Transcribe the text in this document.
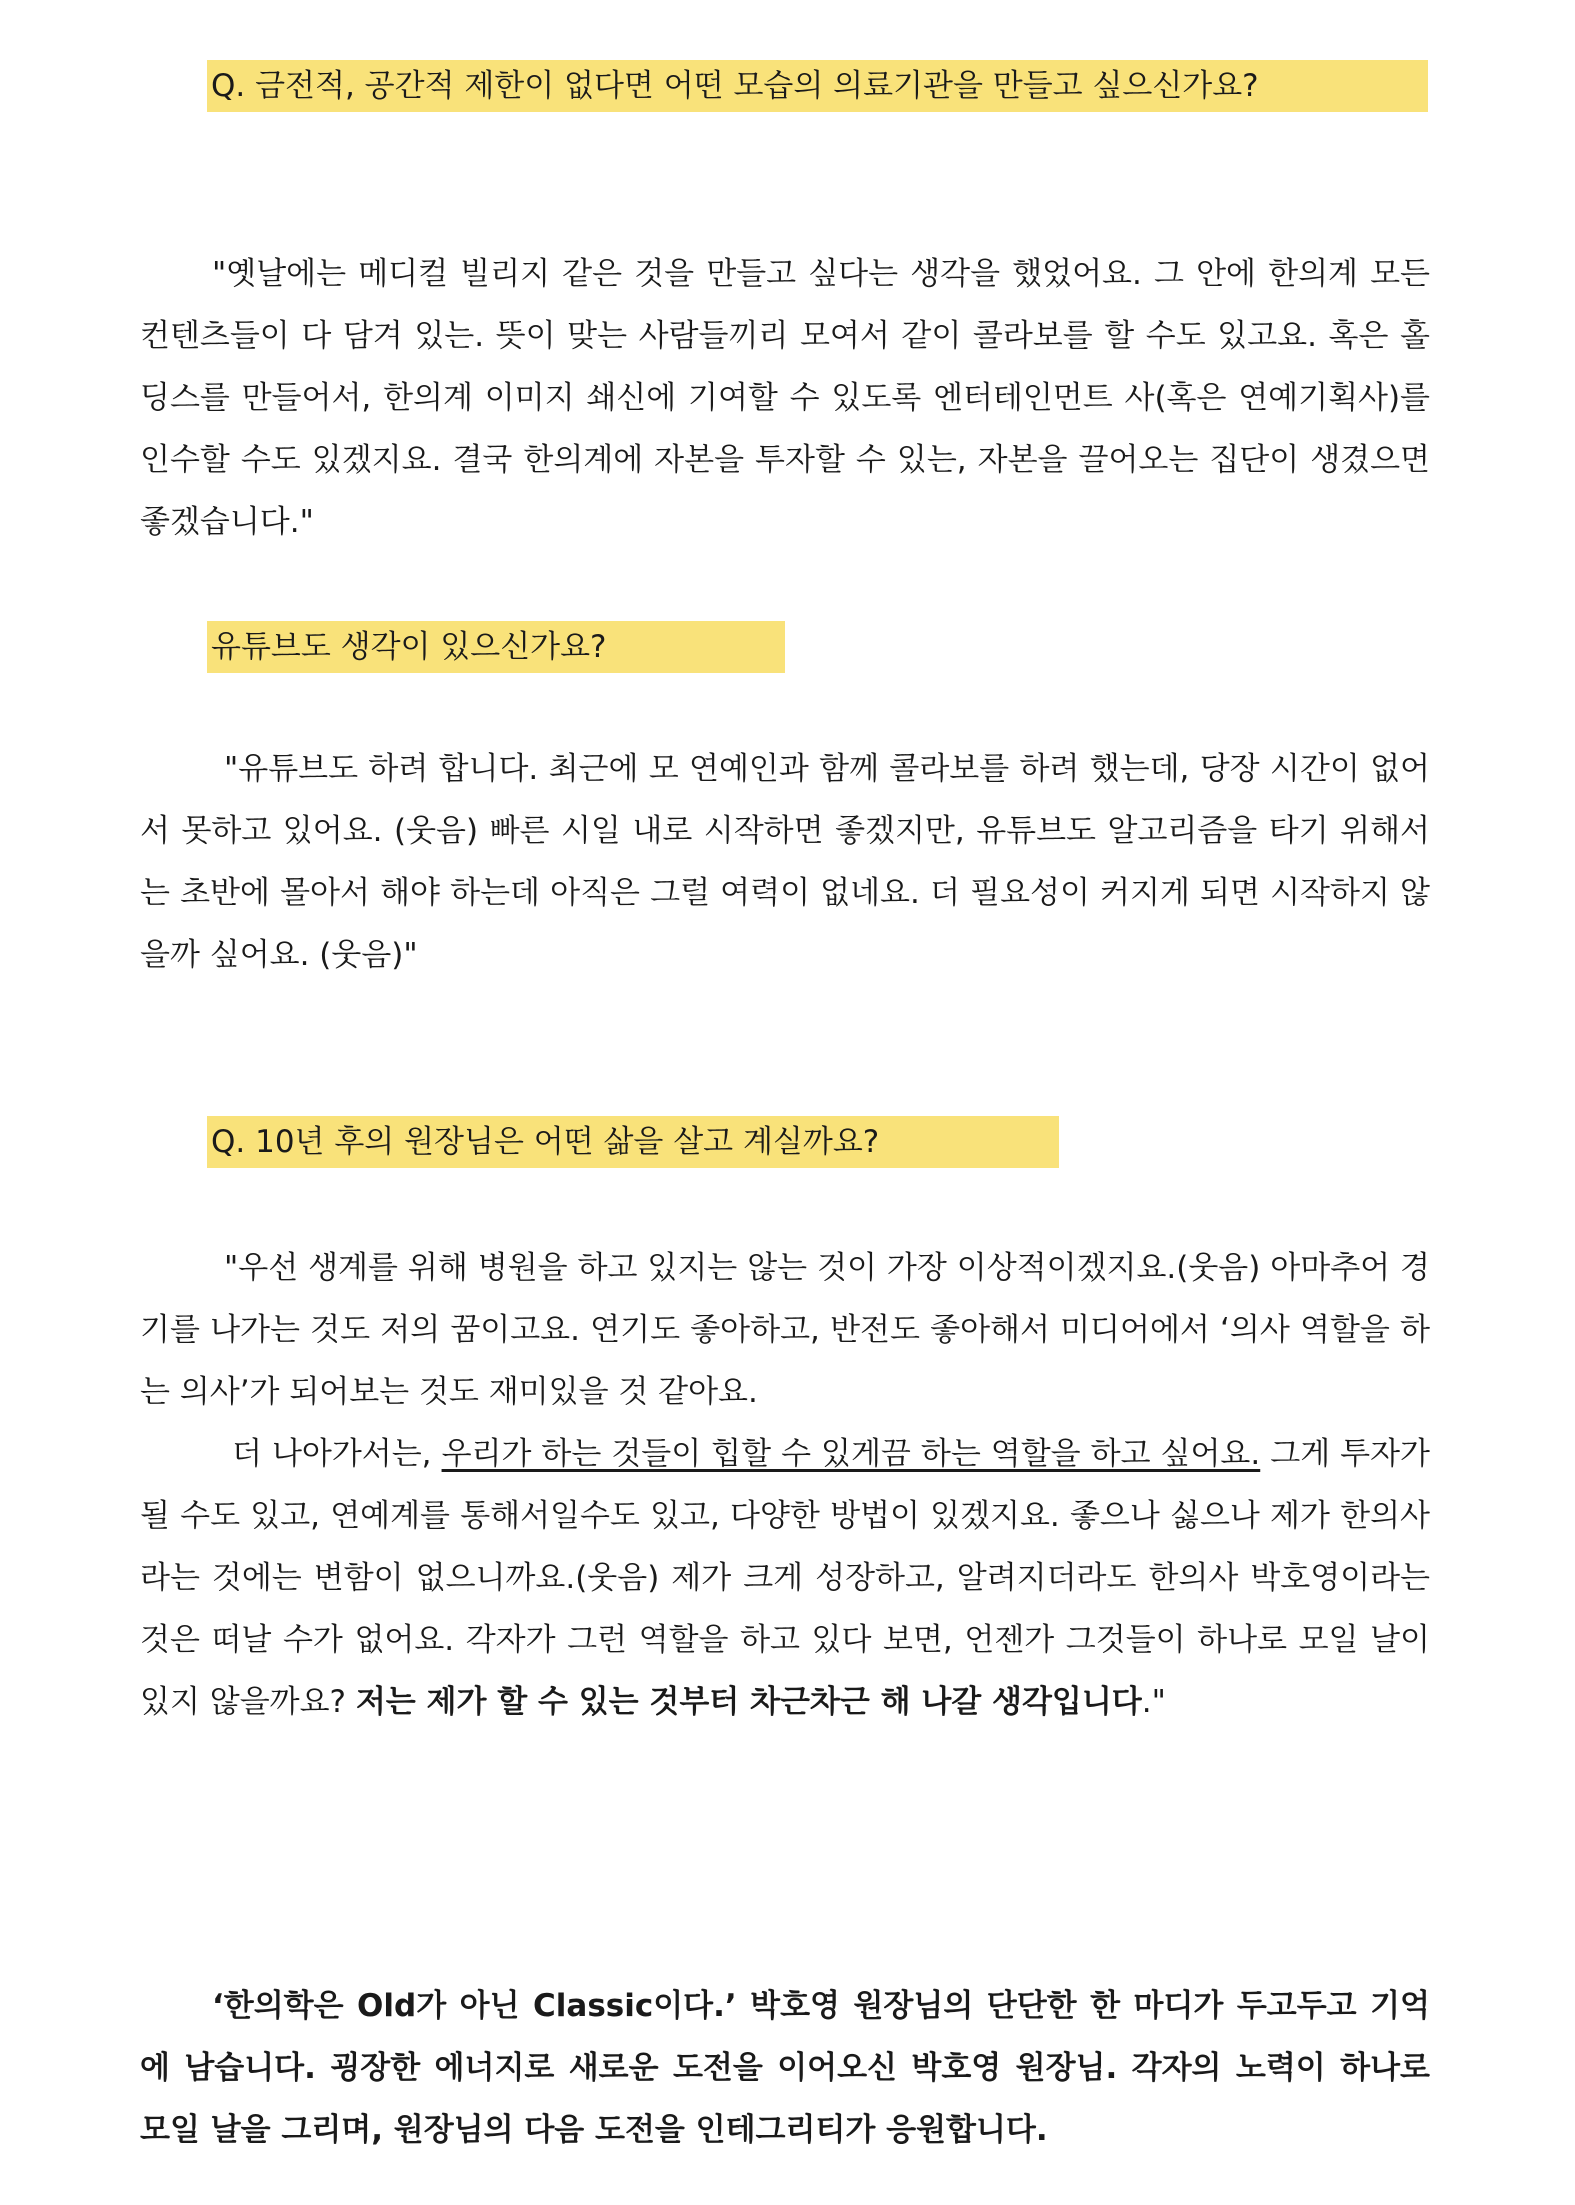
Q. 금전적, 공간적 제한이 없다면 어떤 모습의 의료기관을 만들고 싶으신가요?
"옛날에는 메디컬 빌리지 같은 것을 만들고 싶다는 생각을 했었어요. 그 안에 한의계 모든 컨텐츠들이 다 담겨 있는. 뜻이 맞는 사람들끼리 모여서 같이 콜라보를 할 수도 있고요. 혹은 홀딩스를 만들어서, 한의계 이미지 쇄신에 기여할 수 있도록 엔터테인먼트 사(혹은 연예기획사)를 인수할 수도 있겠지요. 결국 한의계에 자본을 투자할 수 있는, 자본을 끌어오는 집단이 생겼으면 좋겠습니다."
유튜브도 생각이 있으신가요?
"유튜브도 하려 합니다. 최근에 모 연예인과 함께 콜라보를 하려 했는데, 당장 시간이 없어서 못하고 있어요. (웃음) 빠른 시일 내로 시작하면 좋겠지만, 유튜브도 알고리즘을 타기 위해서는 초반에 몰아서 해야 하는데 아직은 그럴 여력이 없네요. 더 필요성이 커지게 되면 시작하지 않을까 싶어요. (웃음)"
Q. 10년 후의 원장님은 어떤 삶을 살고 계실까요?
"우선 생계를 위해 병원을 하고 있지는 않는 것이 가장 이상적이겠지요.(웃음) 아마추어 경기를 나가는 것도 저의 꿈이고요. 연기도 좋아하고, 반전도 좋아해서 미디어에서 ‘의사 역할을 하는 의사’가 되어보는 것도 재미있을 것 같아요.
더 나아가서는, 우리가 하는 것들이 힙할 수 있게끔 하는 역할을 하고 싶어요. 그게 투자가 될 수도 있고, 연예계를 통해서일수도 있고, 다양한 방법이 있겠지요. 좋으나 싫으나 제가 한의사라는 것에는 변함이 없으니까요.(웃음) 제가 크게 성장하고, 알려지더라도 한의사 박호영이라는 것은 떠날 수가 없어요. 각자가 그런 역할을 하고 있다 보면, 언젠가 그것들이 하나로 모일 날이 있지 않을까요? 저는 제가 할 수 있는 것부터 차근차근 해 나갈 생각입니다."
‘한의학은 Old가 아닌 Classic이다.’ 박호영 원장님의 단단한 한 마디가 두고두고 기억에 남습니다. 굉장한 에너지로 새로운 도전을 이어오신 박호영 원장님. 각자의 노력이 하나로 모일 날을 그리며, 원장님의 다음 도전을 인테그리티가 응원합니다.
